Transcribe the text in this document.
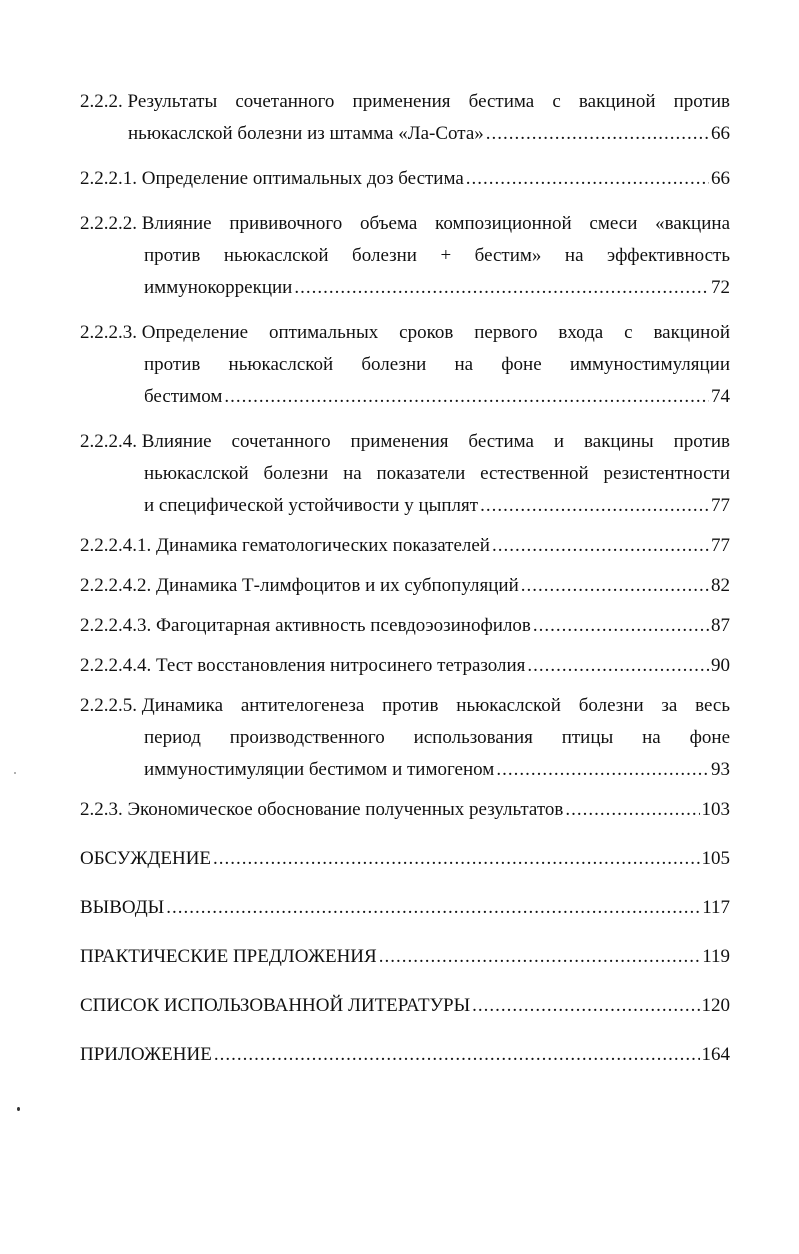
2.2.2.
Результаты сочетанного применения бестима с вакциной против
ньюкаслской болезни из штамма «Ла-Сота» .....	66
2.2.2.1.
Определение оптимальных доз бестима .....	66
2.2.2.2.
Влияние прививочного объема композиционной смеси «вакцина
против ньюкаслской болезни + бестим» на эффективность
иммунокоррекции .....	72
2.2.2.3.
Определение оптимальных сроков первого входа с вакциной
против ньюкаслской болезни на фоне иммуностимуляции
бестимом .....	74
2.2.2.4.
Влияние сочетанного применения бестима и вакцины против
ньюкаслской болезни на показатели естественной резистентности
и специфической устойчивости у цыплят .....	77
2.2.2.4.1.
Динамика гематологических показателей .....	77
2.2.2.4.2.
Динамика Т-лимфоцитов и их субпопуляций .....	82
2.2.2.4.3.
Фагоцитарная активность псевдоэозинофилов .....	87
2.2.2.4.4.
Тест восстановления нитросинего тетразолия .....	90
2.2.2.5.
Динамика антителогенеза против ньюкаслской болезни за весь
период производственного использования птицы на фоне
иммуностимуляции бестимом и тимогеном .....	93
2.2.3.
Экономическое обоснование полученных результатов .....	103
ОБСУЖДЕНИЕ .....	105
ВЫВОДЫ .....	117
ПРАКТИЧЕСКИЕ ПРЕДЛОЖЕНИЯ .....	119
СПИСОК ИСПОЛЬЗОВАННОЙ ЛИТЕРАТУРЫ .....	120
ПРИЛОЖЕНИЕ .....	164
